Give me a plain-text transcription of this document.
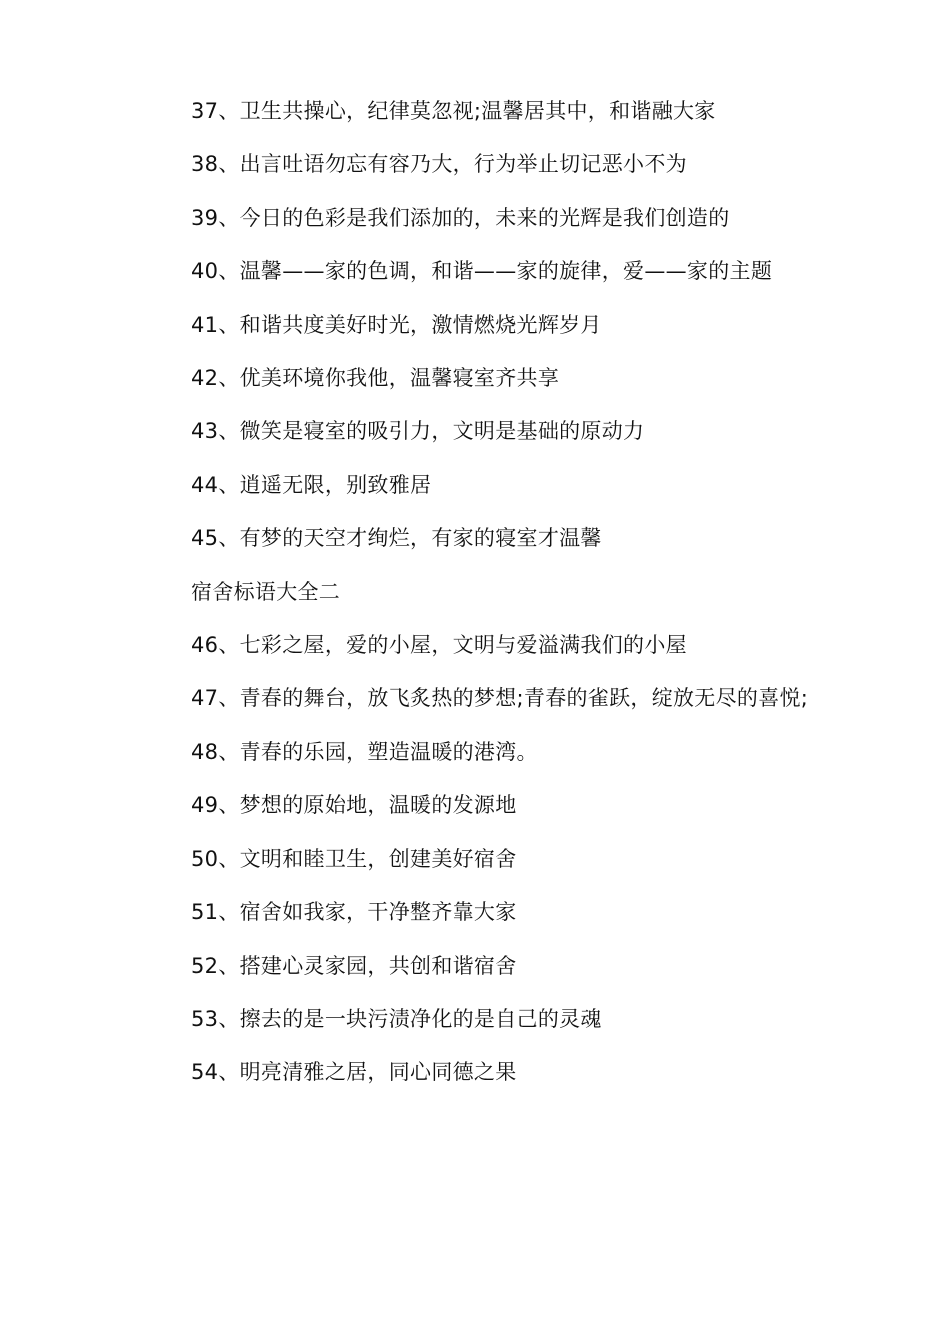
37、卫生共操心，纪律莫忽视;温馨居其中，和谐融大家

38、出言吐语勿忘有容乃大，行为举止切记恶小不为

39、今日的色彩是我们添加的，未来的光辉是我们创造的

40、温馨——家的色调，和谐——家的旋律，爱——家的主题

41、和谐共度美好时光，激情燃烧光辉岁月

42、优美环境你我他，温馨寝室齐共享

43、微笑是寝室的吸引力，文明是基础的原动力

44、逍遥无限，别致雅居

45、有梦的天空才绚烂，有家的寝室才温馨

宿舍标语大全二

46、七彩之屋，爱的小屋，文明与爱溢满我们的小屋

47、青春的舞台，放飞炙热的梦想;青春的雀跃，绽放无尽的喜悦;

48、青春的乐园，塑造温暖的港湾。

49、梦想的原始地，温暖的发源地

50、文明和睦卫生，创建美好宿舍

51、宿舍如我家，干净整齐靠大家

52、搭建心灵家园，共创和谐宿舍

53、擦去的是一块污渍净化的是自己的灵魂

54、明亮清雅之居，同心同德之果
